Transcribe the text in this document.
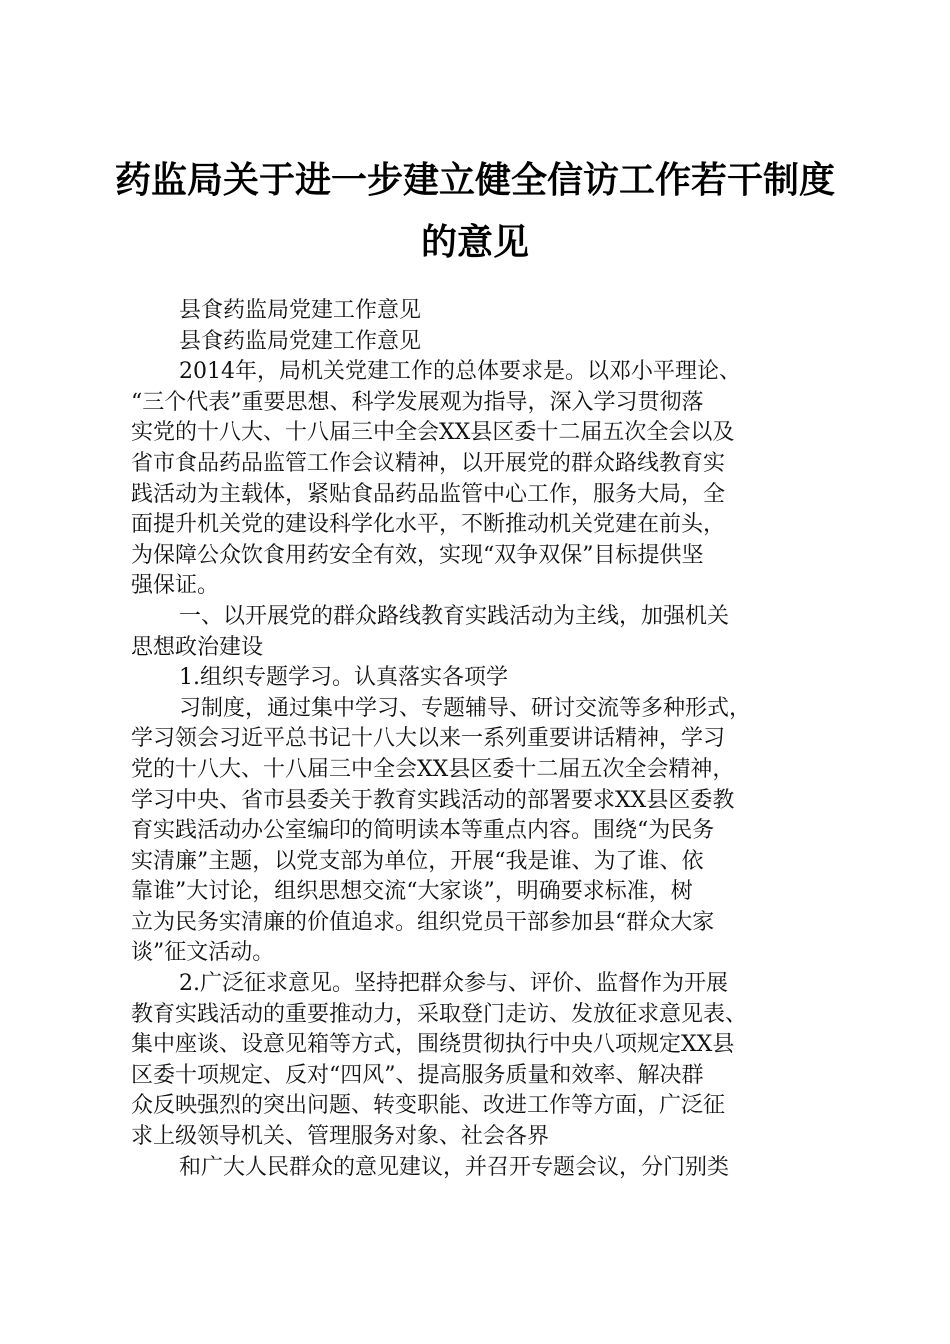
药监局关于进一步建立健全信访工作若干制度
的意见
县食药监局党建工作意见
县食药监局党建工作意见
2014年，局机关党建工作的总体要求是。以邓小平理论、
“三个代表”重要思想、科学发展观为指导，深入学习贯彻落
实党的十八大、十八届三中全会XX县区委十二届五次全会以及
省市食品药品监管工作会议精神，以开展党的群众路线教育实
践活动为主载体，紧贴食品药品监管中心工作，服务大局，全
面提升机关党的建设科学化水平，不断推动机关党建在前头，
为保障公众饮食用药安全有效，实现“双争双保”目标提供坚
强保证。
一、以开展党的群众路线教育实践活动为主线，加强机关
思想政治建设
1.组织专题学习。认真落实各项学
习制度，通过集中学习、专题辅导、研讨交流等多种形式，
学习领会习近平总书记十八大以来一系列重要讲话精神，学习
党的十八大、十八届三中全会XX县区委十二届五次全会精神，
学习中央、省市县委关于教育实践活动的部署要求XX县区委教
育实践活动办公室编印的简明读本等重点内容。围绕“为民务
实清廉”主题，以党支部为单位，开展“我是谁、为了谁、依
靠谁”大讨论，组织思想交流“大家谈”，明确要求标准，树
立为民务实清廉的价值追求。组织党员干部参加县“群众大家
谈”征文活动。
2.广泛征求意见。坚持把群众参与、评价、监督作为开展
教育实践活动的重要推动力，采取登门走访、发放征求意见表、
集中座谈、设意见箱等方式，围绕贯彻执行中央八项规定XX县
区委十项规定、反对“四风”、提高服务质量和效率、解决群
众反映强烈的突出问题、转变职能、改进工作等方面，广泛征
求上级领导机关、管理服务对象、社会各界
和广大人民群众的意见建议，并召开专题会议，分门别类
